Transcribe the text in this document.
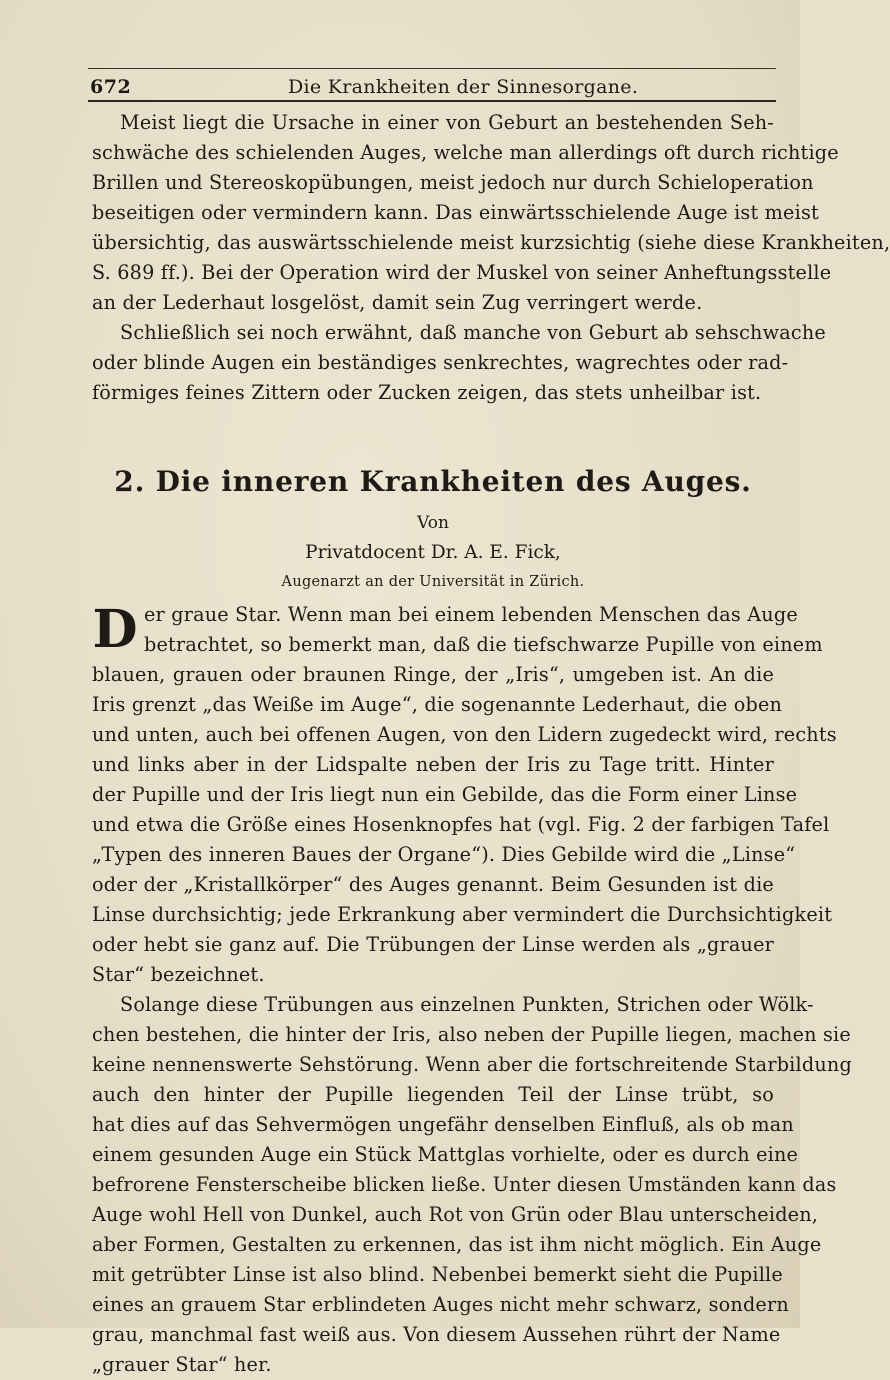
672	Die Krankheiten der Sinnesorgane.
Meist liegt die Ursache in einer von Geburt an bestehenden Seh-
schwäche des schielenden Auges, welche man allerdings oft durch richtige
Brillen und Stereoskopübungen, meist jedoch nur durch Schieloperation
beseitigen oder vermindern kann. Das einwärtsschielende Auge ist meist
übersichtig, das auswärtsschielende meist kurzsichtig (siehe diese Krankheiten,
S. 689 ff.). Bei der Operation wird der Muskel von seiner Anheftungsstelle
an der Lederhaut losgelöst, damit sein Zug verringert werde.
Schließlich sei noch erwähnt, daß manche von Geburt ab sehschwache
oder blinde Augen ein beständiges senkrechtes, wagrechtes oder rad-
förmiges feines Zittern oder Zucken zeigen, das stets unheilbar ist.
2. Die inneren Krankheiten des Auges.
Von
Privatdocent Dr. A. E. Fick,
Augenarzt an der Universität in Zürich.
D er graue Star. Wenn man bei einem lebenden Menschen das Auge
betrachtet, so bemerkt man, daß die tiefschwarze Pupille von einem
blauen, grauen oder braunen Ringe, der „Iris“, umgeben ist. An die
Iris grenzt „das Weiße im Auge“, die sogenannte Lederhaut, die oben
und unten, auch bei offenen Augen, von den Lidern zugedeckt wird, rechts
und links aber in der Lidspalte neben der Iris zu Tage tritt. Hinter
der Pupille und der Iris liegt nun ein Gebilde, das die Form einer Linse
und etwa die Größe eines Hosenknopfes hat (vgl. Fig. 2 der farbigen Tafel
„Typen des inneren Baues der Organe“). Dies Gebilde wird die „Linse“
oder der „Kristallkörper“ des Auges genannt. Beim Gesunden ist die
Linse durchsichtig; jede Erkrankung aber vermindert die Durchsichtigkeit
oder hebt sie ganz auf. Die Trübungen der Linse werden als „grauer
Star“ bezeichnet.
Solange diese Trübungen aus einzelnen Punkten, Strichen oder Wölk-
chen bestehen, die hinter der Iris, also neben der Pupille liegen, machen sie
keine nennenswerte Sehstörung. Wenn aber die fortschreitende Starbildung
auch den hinter der Pupille liegenden Teil der Linse trübt, so
hat dies auf das Sehvermögen ungefähr denselben Einfluß, als ob man
einem gesunden Auge ein Stück Mattglas vorhielte, oder es durch eine
befrorene Fensterscheibe blicken ließe. Unter diesen Umständen kann das
Auge wohl Hell von Dunkel, auch Rot von Grün oder Blau unterscheiden,
aber Formen, Gestalten zu erkennen, das ist ihm nicht möglich. Ein Auge
mit getrübter Linse ist also blind. Nebenbei bemerkt sieht die Pupille
eines an grauem Star erblindeten Auges nicht mehr schwarz, sondern
grau, manchmal fast weiß aus. Von diesem Aussehen rührt der Name
„grauer Star“ her.
